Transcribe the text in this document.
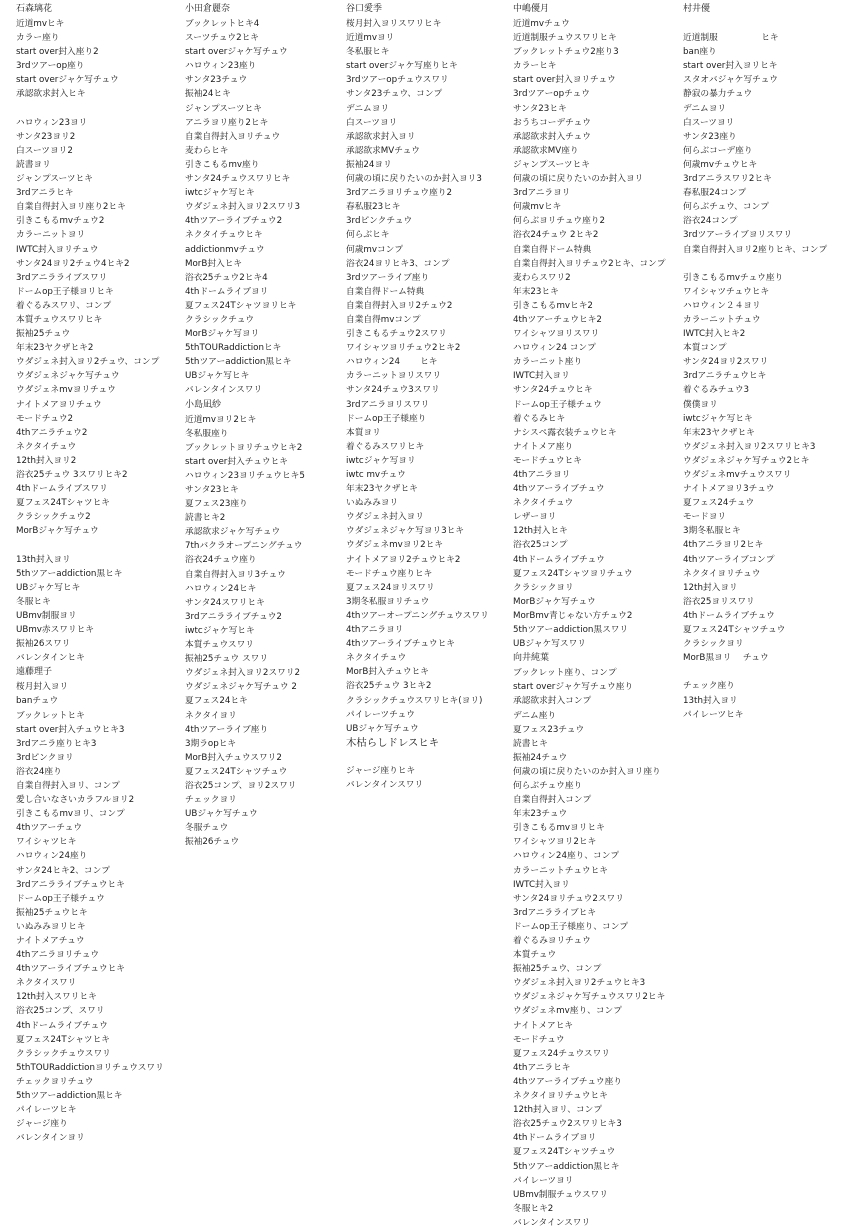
石森璃花
近道mvヒキ
カラー座り
start over封入座り2
3rdツアーop座り
start overジャケ写チュウ
承認欲求封入ヒキ
ハロウィン23ヨリ
サンタ23ヨリ2
白スーツヨリ2
読書ヨリ
ジャンプスーツヒキ
3rdアニラヒキ
自業自得封入ヨリ座り2ヒキ
引きこもるmvチュウ2
カラーニットヨリ
IWTC封入ヨリチュウ
サンタ24ヨリ2チュウ4ヒキ2
3rdアニラライブスワリ
ドームop王子様ヨリヒキ
着ぐるみスワリ、コンプ
本質チュウスワリヒキ
振袖25チュウ
年末23ヤクザヒキ2
ウダジェネ封入ヨリ2チュウ、コンプ
ウダジェネジャケ写チュウ
ウダジェネmvヨリチュウ
ナイトメアヨリチュウ
モードチュウ2
4thアニラチュウ2
ネクタイチュウ
12th封入ヨリ2
浴衣25チュウ 3スワリヒキ2
4thドームライブスワリ
夏フェス24Tシャツヒキ
クラシックチュウ2
MorBジャケ写チュウ
13th封入ヨリ
5thツアーaddiction黒ヒキ
UBジャケ写ヒキ
冬服ヒキ
UBmv制服ヨリ
UBmv赤スワリヒキ
振袖26スワリ
バレンタインヒキ
遠藤理子
桜月封入ヨリ
banチュウ
ブックレットヒキ
start over封入チュウヒキ3
3rdアニラ座りヒキ3
3rdピンクヨリ
浴衣24座り
自業自得封入ヨリ、コンプ
愛し合いなさいカラフルヨリ2
引きこもるmvヨリ、コンプ
4thツアーチュウ
ワイシャツヒキ
ハロウィン24座り
サンタ24ヒキ2、コンプ
3rdアニラライブチュウヒキ
ドームop王子様チュウ
振袖25チュウヒキ
いぬみみヨリヒキ
ナイトメアチュウ
4thアニラヨリチュウ
4thツアーライブチュウヒキ
ネクタイスワリ
12th封入スワリヒキ
浴衣25コンプ、スワリ
4thドームライブチュウ
夏フェス24Tシャツヒキ
クラシックチュウスワリ
5thTOURaddictionヨリチュウスワリ
チェックヨリチュウ
5thツアーaddiction黒ヒキ
パイレーツヒキ
ジャージ座り
バレンタインヨリ
小田倉麗奈
ブックレットヒキ4
スーツチュウ2ヒキ
start overジャケ写チュウ
ハロウィン23座り
サンタ23チュウ
振袖24ヒキ
ジャンプスーツヒキ
アニラヨリ座り2ヒキ
自業自得封入ヨリチュウ
麦わらヒキ
引きこもるmv座り
サンタ24チュウスワリヒキ
iwtcジャケ写ヒキ
ウダジェネ封入ヨリ2スワリ3
4thツアーライブチュウ2
ネクタイチュウヒキ
addictionmvチュウ
MorB封入ヒキ
浴衣25チュウ2ヒキ4
4thドームライブヨリ
夏フェス24Tシャツヨリヒキ
クラシックチュウ
MorBジャケ写ヨリ
5thTOURaddictionヒキ
5thツアーaddiction黒ヒキ
UBジャケ写ヒキ
バレンタインスワリ
小島凪紗
近道mvヨリ2ヒキ
冬私服座り
ブックレットヨリチュウヒキ2
start over封入チュウヒキ
ハロウィン23ヨリチュウヒキ5
サンタ23ヒキ
夏フェス23座り
読書ヒキ2
承認欲求ジャケ写チュウ
7thバクラオープニングチュウ
浴衣24チュウ座り
自業自得封入ヨリ3チュウ
ハロウィン24ヒキ
サンタ24スワリヒキ
3rdアニラライブチュウ2
iwtcジャケ写ヒキ
本質チュウスワリ
振袖25チュウ スワリ
ウダジェネ封入ヨリ2スワリ2
ウダジェネジャケ写チュウ 2
夏フェス24ヒキ
ネクタイヨリ
4thツアーライブ座り
3期ラopヒキ
MorB封入チュウスワリ2
夏フェス24Tシャツチュウ
浴衣25コンプ、ヨリ2スワリ
チェックヨリ
UBジャケ写チュウ
冬服チュウ
振袖26チュウ
谷口愛季
桜月封入ヨリスワリヒキ
近道mvヨリ
冬私服ヒキ
start overジャケ写座りヒキ
3rdツアーopチュウスワリ
サンタ23チュウ、コンプ
デニムヨリ
白スーツヨリ
承認欲求封入ヨリ
承認欲求MVチュウ
振袖24ヨリ
何歳の頃に戻りたいのか封入ヨリ3
3rdアニラヨリチュウ座り2
春私服23ヒキ
3rdピンクチュウ
何らぶヒキ
何歳mvコンプ
浴衣24ヨリヒキ3、コンプ
3rdツアーライブ座り
自業自得ドーム特典
自業自得封入ヨリ2チュウ2
自業自得mvコンプ
引きこもるチュウ2スワリ
ワイシャツヨリチュウ2ヒキ2
ハロウィン24　　 ヒキ
カラーニットヨリスワリ
サンタ24チュウ3スワリ
3rdアニラヨリスワリ
ドームop王子様座り
本質ヨリ
着ぐるみスワリヒキ
iwtcジャケ写ヨリ
iwtc mvチュウ
年末23ヤクザヒキ
いぬみみヨリ
ウダジェネ封入ヨリ
ウダジェネジャケ写ヨリ3ヒキ
ウダジェネmvヨリ2ヒキ
ナイトメアヨリ2チュウヒキ2
モードチュウ座りヒキ
夏フェス24ヨリスワリ
3期冬私服ヨリチュウ
4thツアーオープニングチュウスワリ
4thアニラヨリ
4thツアーライブチュウヒキ
ネクタイチュウ
MorB封入チュウヒキ
浴衣25チュウ 3ヒキ2
クラシックチュウスワリヒキ(ヨリ)
パイレーツチュウ
UBジャケ写チュウ
木枯らしドレスヒキ
ジャージ座りヒキ
バレンタインスワリ
中嶋優月
近道mvチュウ
近道制服チュウスワリヒキ
ブックレットチュウ2座り3
カラーヒキ
start over封入ヨリチュウ
3rdツアーopチュウ
サンタ23ヒキ
おうちコーデチュウ
承認欲求封入チュウ
承認欲求MV座り
ジャンプスーツヒキ
何歳の頃に戻りたいのか封入ヨリ
3rdアニラヨリ
何歳mvヒキ
何らぶヨリチュウ座り2
浴衣24チュウ 2ヒキ2
自業自得ドーム特典
自業自得封入ヨリチュウ2ヒキ、コンプ
麦わらスワリ2
年末23ヒキ
引きこもるmvヒキ2
4thツアーチュウヒキ2
ワイシャツヨリスワリ
ハロウィン24 コンプ
カラーニット座り
IWTC封入ヨリ
サンタ24チュウヒキ
ドームop王子様チュウ
着ぐるみヒキ
ナシスペ露衣装チュウヒキ
ナイトメア座り
モードチュウヒキ
4thアニラヨリ
4thツアーライブチュウ
ネクタイチュウ
レザーヨリ
12th封入ヒキ
浴衣25コンプ
4thドームライブチュウ
夏フェス24Tシャツヨリチュウ
クラシックヨリ
MorBジャケ写チュウ
MorBmv青じゃない方チュウ2
5thツアーaddiction黒スワリ
UBジャケ写スワリ
向井純葉
ブックレット座り、コンプ
start overジャケ写チュウ座り
承認欲求封入コンプ
デニム座り
夏フェス23チュウ
読書ヒキ
振袖24チュウ
何歳の頃に戻りたいのか封入ヨリ座り
何らぶチュウ座り
自業自得封入コンプ
年末23チュウ
引きこもるmvヨリヒキ
ワイシャツヨリ2ヒキ
ハロウィン24座り、コンプ
カラーニットチュウヒキ
IWTC封入ヨリ
サンタ24ヨリチュウ2スワリ
3rdアニラライブヒキ
ドームop王子様座り、コンプ
着ぐるみヨリチュウ
本質チュウ
振袖25チュウ、コンプ
ウダジェネ封入ヨリ2チュウヒキ3
ウダジェネジャケ写チュウスワリ2ヒキ
ウダジェネmv座り、コンプ
ナイトメアヒキ
モードチュウ
夏フェス24チュウスワリ
4thアニラヒキ
4thツアーライブチュウ座り
ネクタイヨリチュウヒキ
12th封入ヨリ、コンプ
浴衣25チュウ2スワリヒキ3
4thドームライブヨリ
夏フェス24Tシャツチュウ
5thツアーaddiction黒ヒキ
パイレーツヨリ
UBmv制服チュウスワリ
冬服ヒキ2
バレンタインスワリ
村井優
近道制服　　　　　ヒキ
ban座り
start over封入ヨリヒキ
スタオバジャケ写チュウ
静寂の暴力チュウ
デニムヨリ
白スーツヨリ
サンタ23座り
何らぶコーデ座り
何歳mvチュウヒキ
3rdアニラスワリ2ヒキ
春私服24コンプ
何らぶチュウ、コンプ
浴衣24コンプ
3rdツアーライブヨリスワリ
自業自得封入ヨリ2座りヒキ、コンプ
引きこもるmvチュウ座り
ワイシャツチュウヒキ
ハロウィン２４ヨリ
カラーニットチュウ
IWTC封入ヒキ2
本質コンプ
サンタ24ヨリ2スワリ
3rdアニラチュウヒキ
着ぐるみチュウ3
僕僕ヨリ
iwtcジャケ写ヒキ
年末23ヤクザヒキ
ウダジェネ封入ヨリ2スワリヒキ3
ウダジェネジャケ写チュウ2ヒキ
ウダジェネmvチュウスワリ
ナイトメアヨリ3チュウ
夏フェス24チュウ
モードヨリ
3期冬私服ヒキ
4thアニラヨリ2ヒキ
4thツアーライブコンプ
ネクタイヨリチュウ
12th封入ヨリ
浴衣25ヨリスワリ
4thドームライブチュウ
夏フェス24Tシャツチュウ
クラシックヨリ
MorB黒ヨリ　 チュウ
チェック座り
13th封入ヨリ
パイレーツヒキ
